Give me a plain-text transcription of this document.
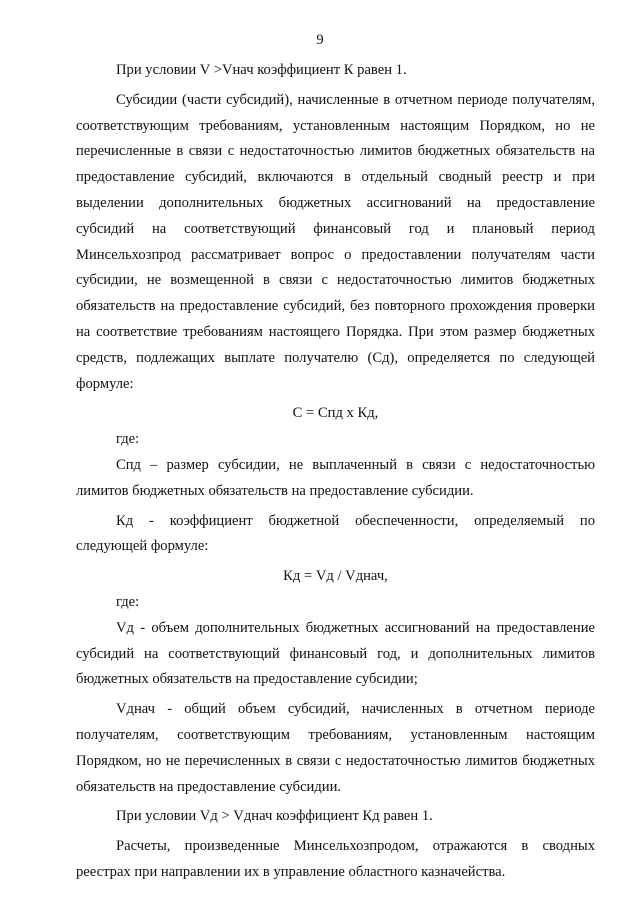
9

При условии V >Vнач коэффициент К равен 1.

Субсидии (части субсидий), начисленные в отчетном периоде получателям, соответствующим требованиям, установленным настоящим Порядком, но не перечисленные в связи с недостаточностью лимитов бюджетных обязательств на предоставление субсидий, включаются в отдельный сводный реестр и при выделении дополнительных бюджетных ассигнований на предоставление субсидий на соответствующий финансовый год и плановый период Минсельхозпрод рассматривает вопрос о предоставлении получателям части субсидии, не возмещенной в связи с недостаточностью лимитов бюджетных обязательств на предоставление субсидий, без повторного прохождения проверки на соответствие требованиям настоящего Порядка. При этом размер бюджетных средств, подлежащих выплате получателю (Сд), определяется по следующей формуле:

С = Спд х Кд,

где:

Спд – размер субсидии, не выплаченный в связи с недостаточностью лимитов бюджетных обязательств на предоставление субсидии.

Кд - коэффициент бюджетной обеспеченности, определяемый по следующей формуле:

Кд = Vд / Vднач,

где:

Vд - объем дополнительных бюджетных ассигнований на предоставление субсидий на соответствующий финансовый год, и дополнительных лимитов бюджетных обязательств на предоставление субсидии;

Vднач - общий объем субсидий, начисленных в отчетном периоде получателям, соответствующим требованиям, установленным настоящим Порядком, но не перечисленных в связи с недостаточностью лимитов бюджетных обязательств на предоставление субсидии.

При условии Vд > Vднач коэффициент Кд равен 1.

Расчеты, произведенные Минсельхозпродом, отражаются в сводных реестрах при направлении их в управление областного казначейства.
